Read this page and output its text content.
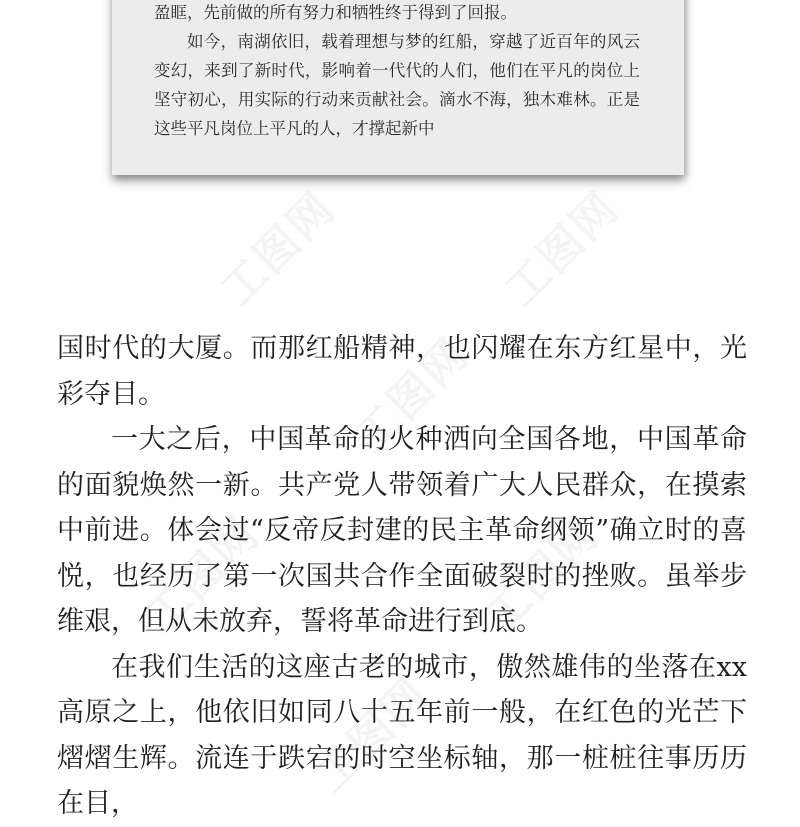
盈眶，先前做的所有努力和牺牲终于得到了回报。

如今，南湖依旧，载着理想与梦的红船，穿越了近百年的风云变幻，来到了新时代，影响着一代代的人们，他们在平凡的岗位上坚守初心，用实际的行动来贡献社会。滴水不海，独木难林。正是这些平凡岗位上平凡的人，才撑起新中

工图网	工图网
工图网
工图网	工图网
工图网

国时代的大厦。而那红船精神，也闪耀在东方红星中，光彩夺目。

一大之后，中国革命的火种洒向全国各地，中国革命的面貌焕然一新。共产党人带领着广大人民群众，在摸索中前进。体会过“反帝反封建的民主革命纲领”确立时的喜悦，也经历了第一次国共合作全面破裂时的挫败。虽举步维艰，但从未放弃，誓将革命进行到底。

在我们生活的这座古老的城市，傲然雄伟的坐落在xx高原之上，他依旧如同八十五年前一般，在红色的光芒下熠熠生辉。流连于跌宕的时空坐标轴，那一桩桩往事历历在目，
